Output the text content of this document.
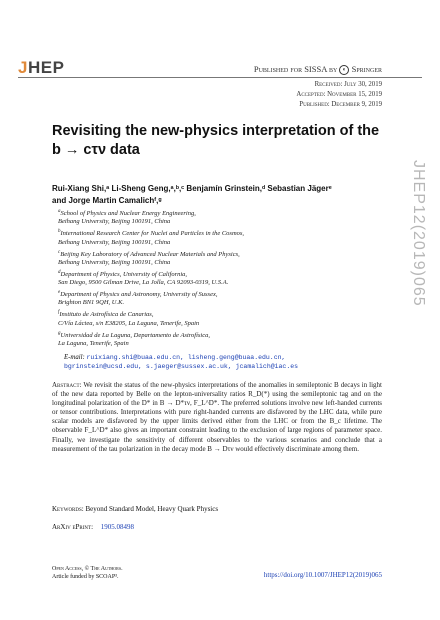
JHEP	Published for SISSA by ◐ Springer
Received: July 30, 2019
Accepted: November 15, 2019
Published: December 9, 2019
JHEP12(2019)065
Revisiting the new-physics interpretation of the
b → cτν data
Rui-Xiang Shi,ᵃ Li-Sheng Geng,ᵃ,ᵇ,ᶜ Benjamín Grinstein,ᵈ Sebastian Jägerᵉ
and Jorge Martin Camalichᶠ,ᵍ

$^a$School of Physics and Nuclear Energy Engineering,
Beihang University, Beijing 100191, China

$^b$International Research Center for Nuclei and Particles in the Cosmos,
Beihang University, Beijing 100191, China

$^c$Beijing Key Laboratory of Advanced Nuclear Materials and Physics,
Beihang University, Beijing 100191, China

$^d$Department of Physics, University of California,
San Diego, 9500 Gilman Drive, La Jolla, CA 92093-0319, U.S.A.

$^e$Department of Physics and Astronomy, University of Sussex,
Brighton BN1 9QH, U.K.

$^f$Instituto de Astrofísica de Canarias,
C/Vía Láctea, s/n E38205, La Laguna, Tenerife, Spain

$^g$Universidad de La Laguna, Departamento de Astrofísica,
La Laguna, Tenerife, Spain

E-mail: ruixiang.shi@buaa.edu.cn, lisheng.geng@buaa.edu.cn,
bgrinstein@ucsd.edu, s.jaeger@sussex.ac.uk, jcamalich@iac.es
Abstract: We revisit the status of the new-physics interpretations of the anomalies in semileptonic B decays in light of the new data reported by Belle on the lepton-universality ratios R_D(*) using the semileptonic tag and on the longitudinal polarization of the D* in B → D*τν, F_L^D*. The preferred solutions involve new left-handed currents or tensor contributions. Interpretations with pure right-handed currents are disfavored by the LHC data, while pure scalar models are disfavored by the upper limits derived either from the LHC or from the B_c lifetime. The observable F_L^D* also gives an important constraint leading to the exclusion of large regions of parameter space. Finally, we investigate the sensitivity of different observables to the various scenarios and conclude that a measurement of the tau polarization in the decay mode B → Dτν would effectively discriminate among them.
Keywords: Beyond Standard Model, Heavy Quark Physics
ArXiv ePrint: 1905.08498
Open Access, © The Authors.
Article funded by SCOAP³.	https://doi.org/10.1007/JHEP12(2019)065
